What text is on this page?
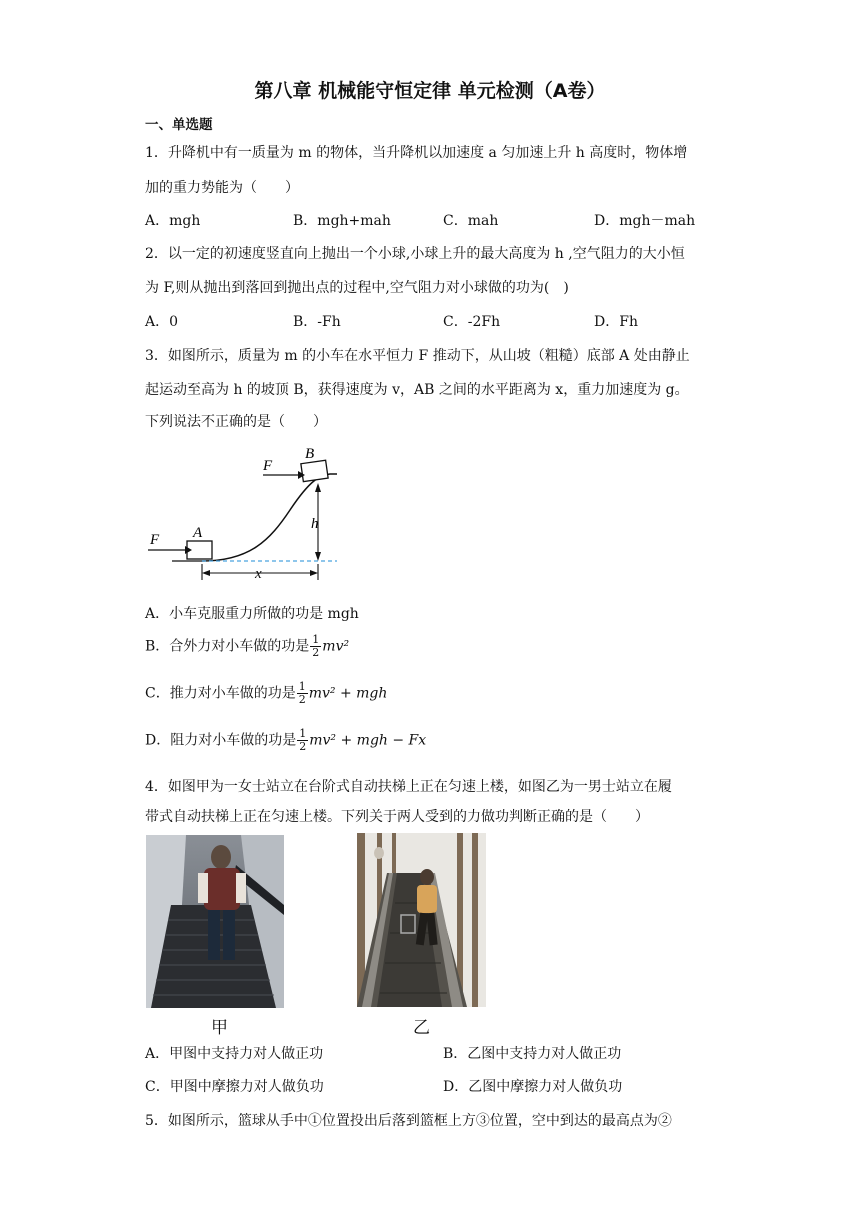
第八章 机械能守恒定律 单元检测（A卷）
一、单选题
1．升降机中有一质量为 m 的物体，当升降机以加速度 a 匀加速上升 h 高度时，物体增
加的重力势能为（　　）
A．mgh	B．mgh+mah	C．mah	D．mgh－mah
2．以一定的初速度竖直向上抛出一个小球,小球上升的最大高度为 h ,空气阻力的大小恒
为 F,则从抛出到落回到抛出点的过程中,空气阻力对小球做的功为(　)
A．0	B．-Fh	C．-2Fh	D．Fh
3．如图所示，质量为 m 的小车在水平恒力 F 推动下，从山坡（粗糙）底部 A 处由静止
起运动至高为 h 的坡顶 B，获得速度为 v，AB 之间的水平距离为 x，重力加速度为 g。
下列说法不正确的是（　　）
F
B
h
F A
x
A．小车克服重力所做的功是 mgh
B．合外力对小车做的功是 $\frac{1}{2} mv^2$
C．推力对小车做的功是 $\frac{1}{2} mv^2$ + mgh
D．阻力对小车做的功是 $\frac{1}{2} mv^2$ + mgh − Fx
4．如图甲为一女士站立在台阶式自动扶梯上正在匀速上楼，如图乙为一男士站立在履
带式自动扶梯上正在匀速上楼。下列关于两人受到的力做功判断正确的是（　　）
甲	乙
A．甲图中支持力对人做正功	B．乙图中支持力对人做正功
C．甲图中摩擦力对人做负功	D．乙图中摩擦力对人做负功
5．如图所示，篮球从手中①位置投出后落到篮框上方③位置，空中到达的最高点为②
